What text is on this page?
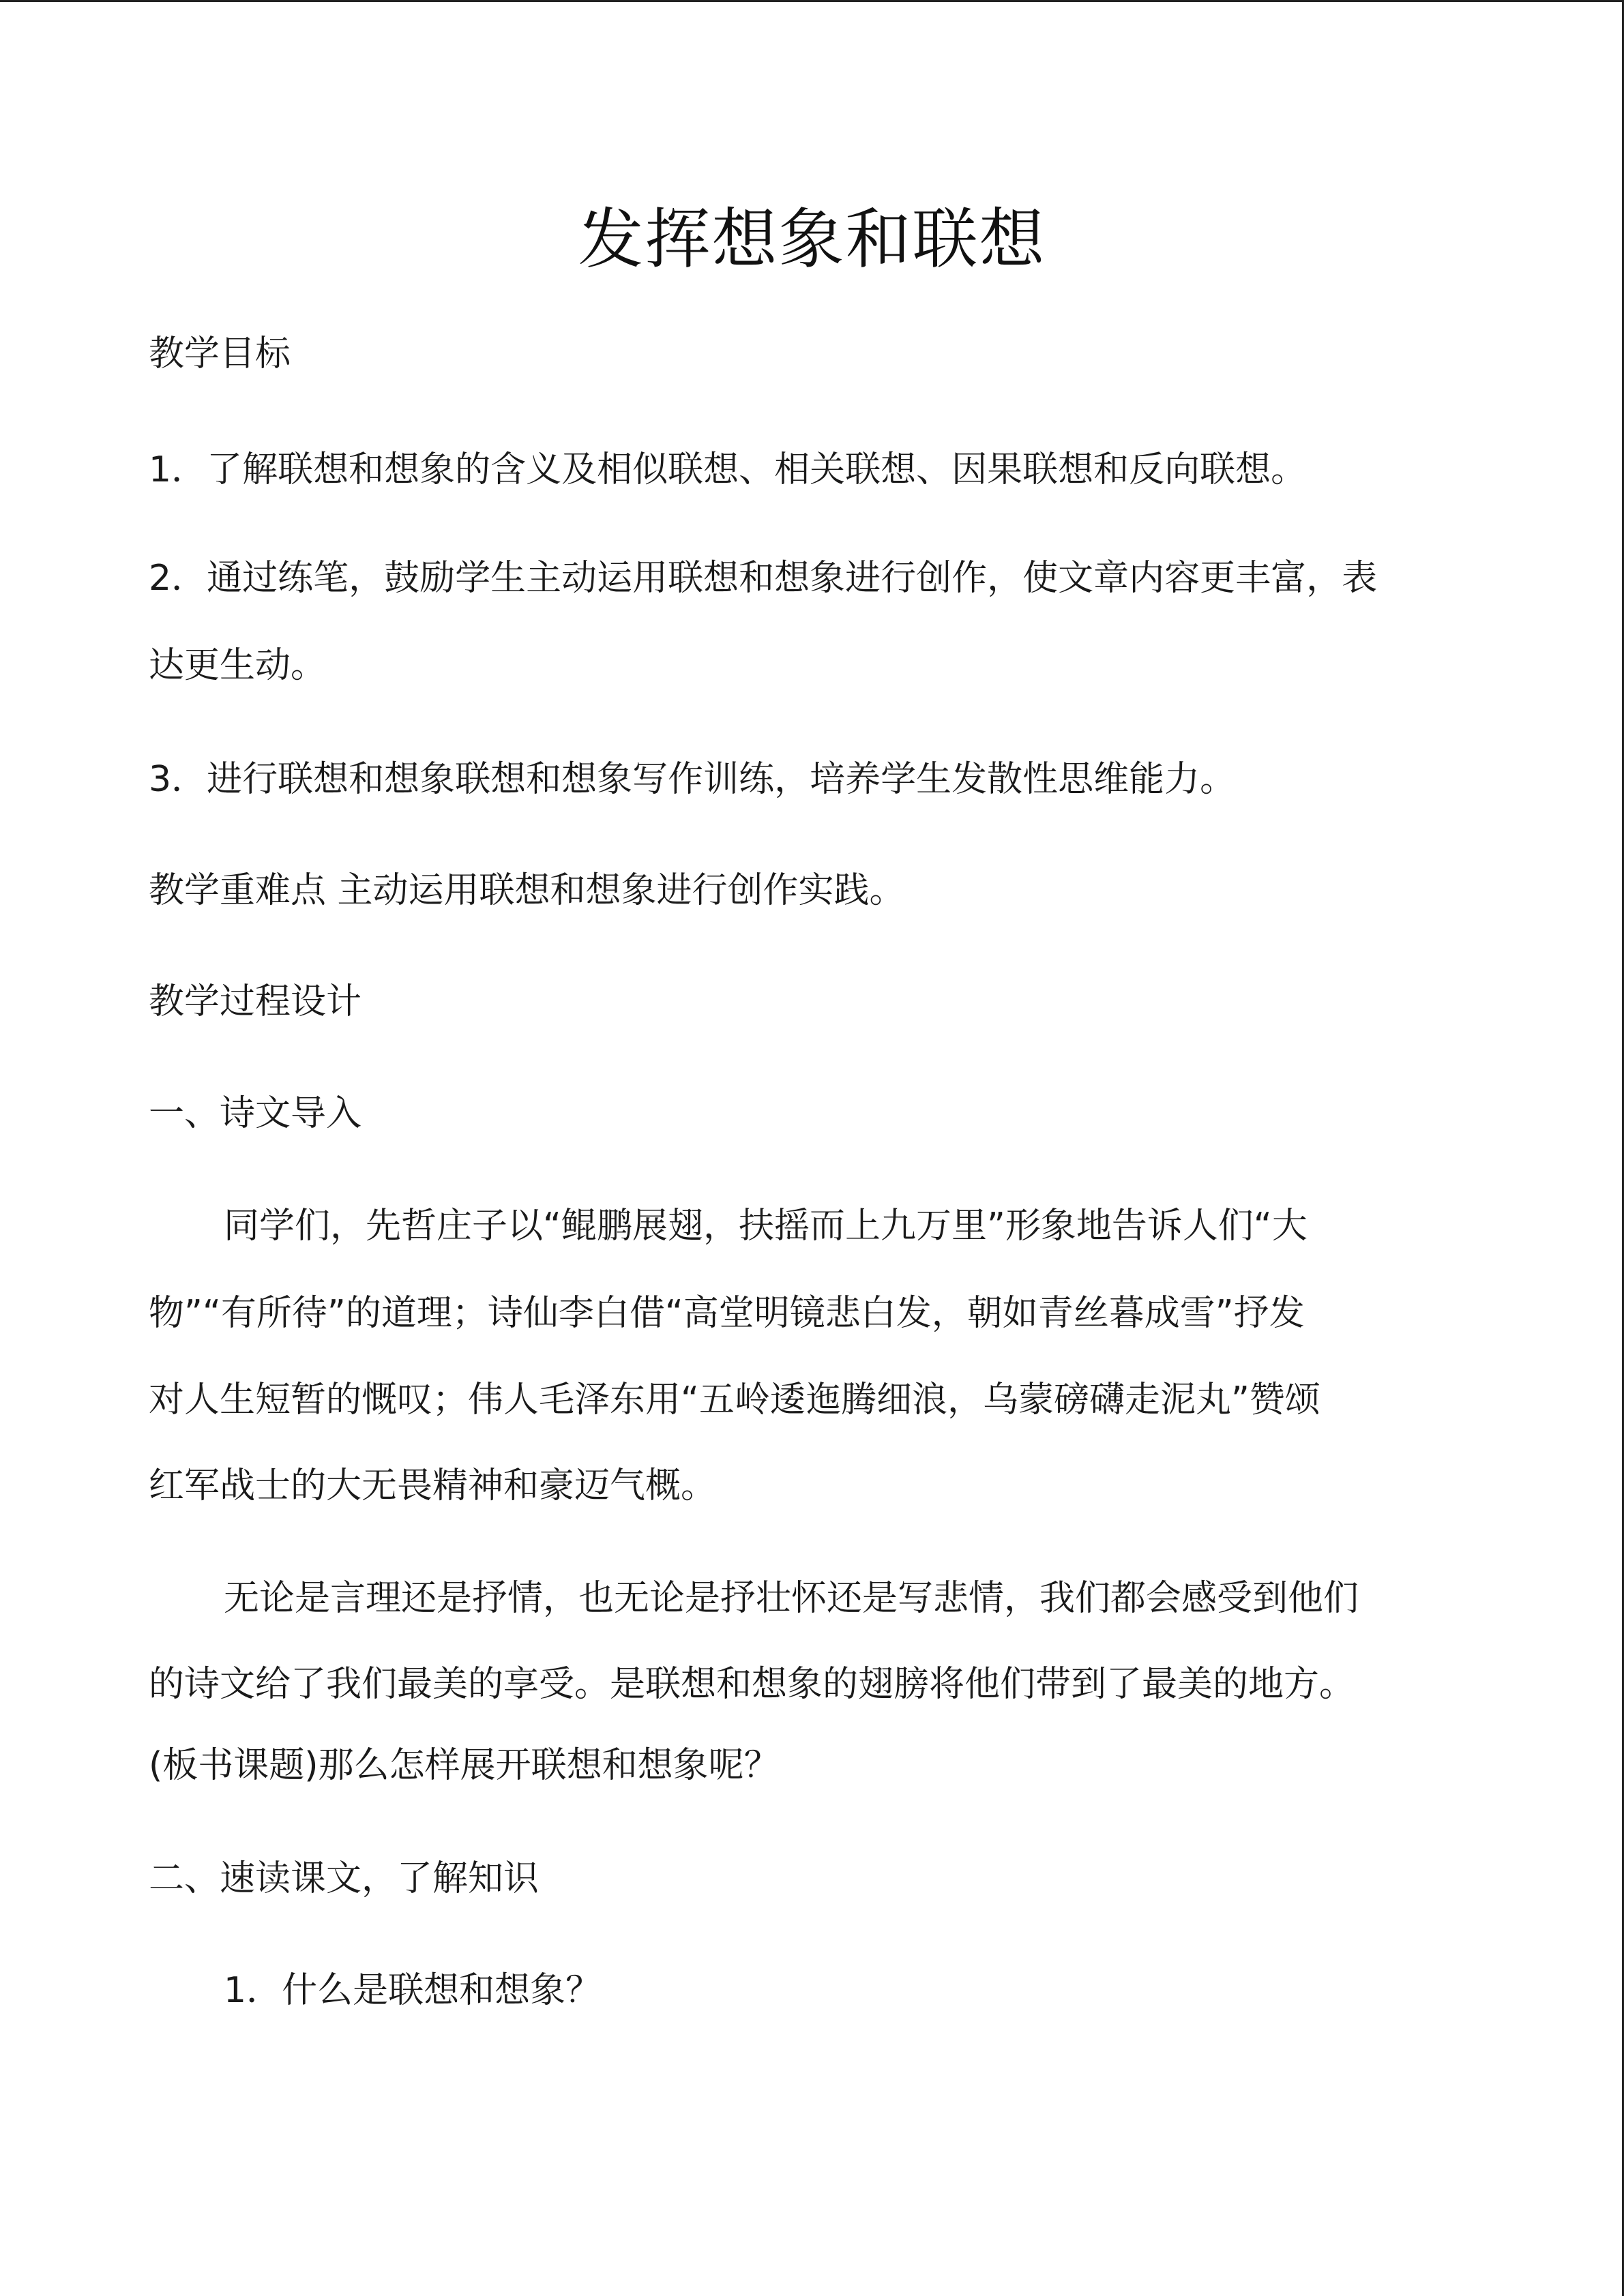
发挥想象和联想
教学目标
1．了解联想和想象的含义及相似联想、相关联想、因果联想和反向联想。
2．通过练笔，鼓励学生主动运用联想和想象进行创作，使文章内容更丰富，表
达更生动。
3．进行联想和想象联想和想象写作训练，培养学生发散性思维能力。
教学重难点 主动运用联想和想象进行创作实践。
教学过程设计
一、诗文导入
同学们，先哲庄子以“鲲鹏展翅，扶摇而上九万里”形象地告诉人们“大
物”“有所待”的道理；诗仙李白借“高堂明镜悲白发，朝如青丝暮成雪”抒发
对人生短暂的慨叹；伟人毛泽东用“五岭逶迤腾细浪，乌蒙磅礴走泥丸”赞颂
红军战士的大无畏精神和豪迈气概。
无论是言理还是抒情，也无论是抒壮怀还是写悲情，我们都会感受到他们
的诗文给了我们最美的享受。是联想和想象的翅膀将他们带到了最美的地方。
(板书课题)那么怎样展开联想和想象呢？
二、速读课文，了解知识
1．什么是联想和想象？
